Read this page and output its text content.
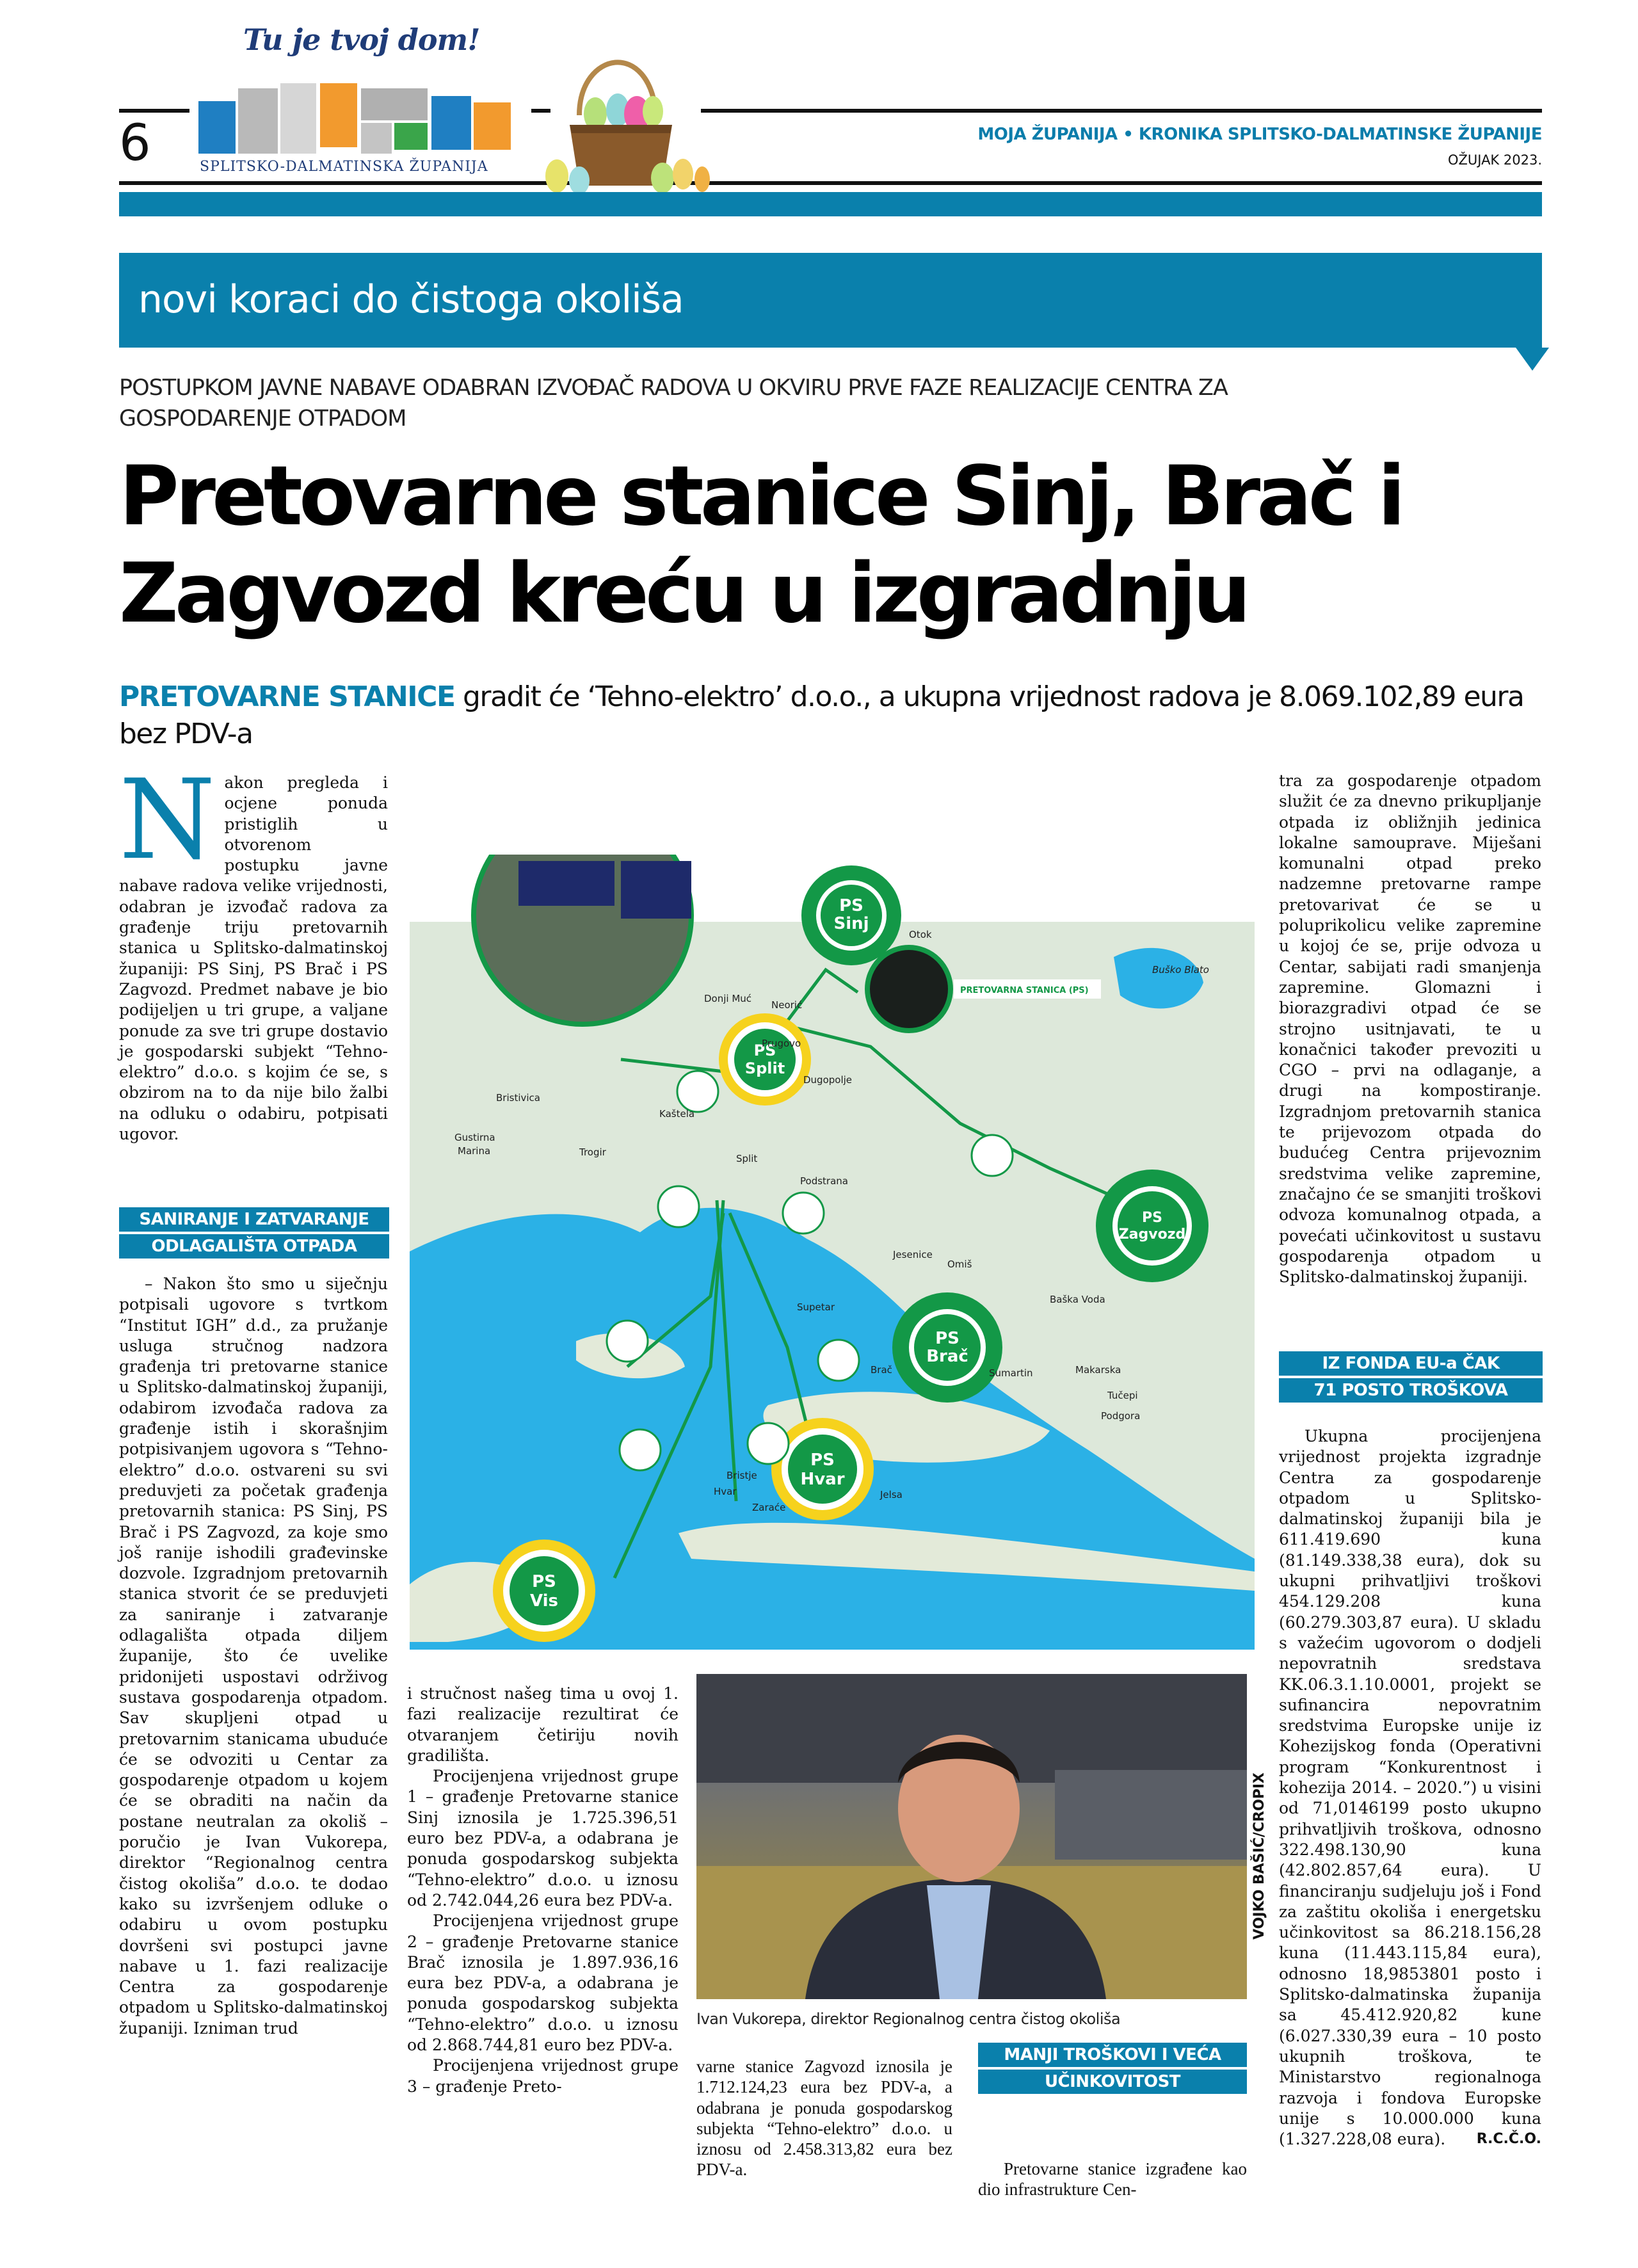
6
Tu je tvoj dom!
SPLITSKO-DALMATINSKA ŽUPANIJA
MOJA ŽUPANIJA • KRONIKA SPLITSKO-DALMATINSKE ŽUPANIJE
OŽUJAK 2023.
novi koraci do čistoga okoliša
POSTUPKOM JAVNE NABAVE ODABRAN IZVOĐAČ RADOVA U OKVIRU PRVE FAZE REALIZACIJE CENTRA ZA GOSPODARENJE OTPADOM
Pretovarne stanice Sinj, Brač i
Zagvozd kreću u izgradnju
PRETOVARNE STANICE gradit će ‘Tehno-elektro’ d.o.o., a ukupna vrijednost radova je 8.069.102,89 eura bez PDV-a
N akon pregleda i ocjene ponuda pristiglih u otvorenom postupku javne nabave radova velike vrijednosti, odabran je izvođač radova za građenje triju pretovarnih stanica u Splitsko-dalmatinskoj županiji: PS Sinj, PS Brač i PS Zagvozd. Predmet nabave je bio podijeljen u tri grupe, a valjane ponude za sve tri grupe dostavio je gospodarski subjekt “Tehno-elektro” d.o.o. s kojim će se, s obzirom na to da nije bilo žalbi na odluku o odabiru, potpisati ugovor.

SANIRANJE I ZATVARANJE
ODLAGALIŠTA OTPADA

– Nakon što smo u siječnju potpisali ugovore s tvrtkom “Institut IGH” d.d., za pružanje usluga stručnog nadzora građenja tri pretovarne stanice u Splitsko-dalmatinskoj županiji, odabirom izvođača radova za građenje istih i skorašnjim potpisivanjem ugovora s “Tehno-elektro” d.o.o. ostvareni su svi preduvjeti za početak građenja pretovarnih stanica: PS Sinj, PS Brač i PS Zagvozd, za koje smo još ranije ishodili građevinske dozvole. Izgradnjom pretovarnih stanica stvorit će se preduvjeti za saniranje i zatvaranje odlagališta otpada diljem županije, što će uvelike pridonijeti uspostavi održivog sustava gospodarenja otpadom. Sav skupljeni otpad u pretovarnim stanicama ubuduće će se odvoziti u Centar za gospodarenje otpadom u kojem će se obraditi na način da postane neutralan za okoliš – poručio je Ivan Vukorepa, direktor “Regionalnog centra čistog okoliša” d.o.o. te dodao kako su izvršenjem odluke o odabiru u ovom postupku dovršeni svi postupci javne nabave u 1. fazi realizacije Centra za gospodarenje otpadom u Splitsko-dalmatinskoj županiji. Izniman trud

PS
Sinj
PS
Split
PS
Zagvozd
PS
Brač
PS
Hvar
PS
Vis
PRETOVARNA STANICA (PS)
Donji Muć
Neorić
Otok
Prugovo
Dugopolje
Bristivica
Kaštela
Gustirna
Marina	Trogir
Split
Podstrana
Jesenice
Omiš
Supetar
Brač	Sumartin
Baška Voda
Makarska
Tučepi
Podgora
Bristje
Hvar
Zaraće
Jelsa
Buško Blato

i stručnost našeg tima u ovoj 1. fazi realizacije rezultirat će otvaranjem četiriju novih gradilišta.

Procijenjena vrijednost grupe 1 – građenje Pretovarne stanice Sinj iznosila je 1.725.396,51 euro bez PDV-a, a odabrana je ponuda gospodarskog subjekta “Tehno-elektro” d.o.o. u iznosu od 2.742.044,26 eura bez PDV-a.

Procijenjena vrijednost grupe 2 – građenje Pretovarne stanice Brač iznosila je 1.897.936,16 eura bez PDV-a, a odabrana je ponuda gospodarskog subjekta “Tehno-elektro” d.o.o. u iznosu od 2.868.744,81 euro bez PDV-a.

Procijenjena vrijednost grupe 3 – građenje Preto-

VOJKO BAŠIĆ/CROPIX
Ivan Vukorepa, direktor Regionalnog centra čistog okoliša

varne stanice Zagvozd iznosila je 1.712.124,23 eura bez PDV-a, a odabrana je ponuda gospodarskog subjekta “Tehno-elektro” d.o.o. u iznosu od 2.458.313,82 eura bez PDV-a.

MANJI TROŠKOVI I VEĆA
UČINKOVITOST

Pretovarne stanice izgrađene kao dio infrastrukture Cen-

tra za gospodarenje otpadom služit će za dnevno prikupljanje otpada iz obližnjih jedinica lokalne samouprave. Miješani komunalni otpad preko nadzemne pretovarne rampe pretovarivat će se u poluprikolicu velike zapremine u kojoj će se, prije odvoza u Centar, sabijati radi smanjenja zapremine. Glomazni i biorazgradivi otpad će se strojno usitnjavati, te u konačnici također prevoziti u CGO – prvi na odlaganje, a drugi na kompostiranje. Izgradnjom pretovarnih stanica te prijevozom otpada do budućeg Centra prijevoznim sredstvima velike zapremine, značajno će se smanjiti troškovi odvoza komunalnog otpada, a povećati učinkovitost u sustavu gospodarenja otpadom u Splitsko-dalmatinskoj županiji.

IZ FONDA EU-a ČAK
71 POSTO TROŠKOVA

Ukupna procijenjena vrijednost projekta izgradnje Centra za gospodarenje otpadom u Splitsko-dalmatinskoj županiji bila je 611.419.690 kuna (81.149.338,38 eura), dok su ukupni prihvatljivi troškovi 454.129.208 kuna (60.279.303,87 eura). U skladu s važećim ugovorom o dodjeli nepovratnih sredstava KK.06.3.1.10.0001, projekt se sufinancira nepovratnim sredstvima Europske unije iz Kohezijskog fonda (Operativni program “Konkurentnost i kohezija 2014. – 2020.”) u visini od 71,0146199 posto ukupno prihvatljivih troškova, odnosno 322.498.130,90 kuna (42.802.857,64 eura). U financiranju sudjeluju još i Fond za zaštitu okoliša i energetsku učinkovitost sa 86.218.156,28 kuna (11.443.115,84 eura), odnosno 18,9853801 posto i Splitsko-dalmatinska županija sa 45.412.920,82 kune (6.027.330,39 eura – 10 posto ukupnih troškova, te Ministarstvo regionalnoga razvoja i fondova Europske unije s 10.000.000 kuna (1.327.228,08 eura).	R.C.Č.O.
